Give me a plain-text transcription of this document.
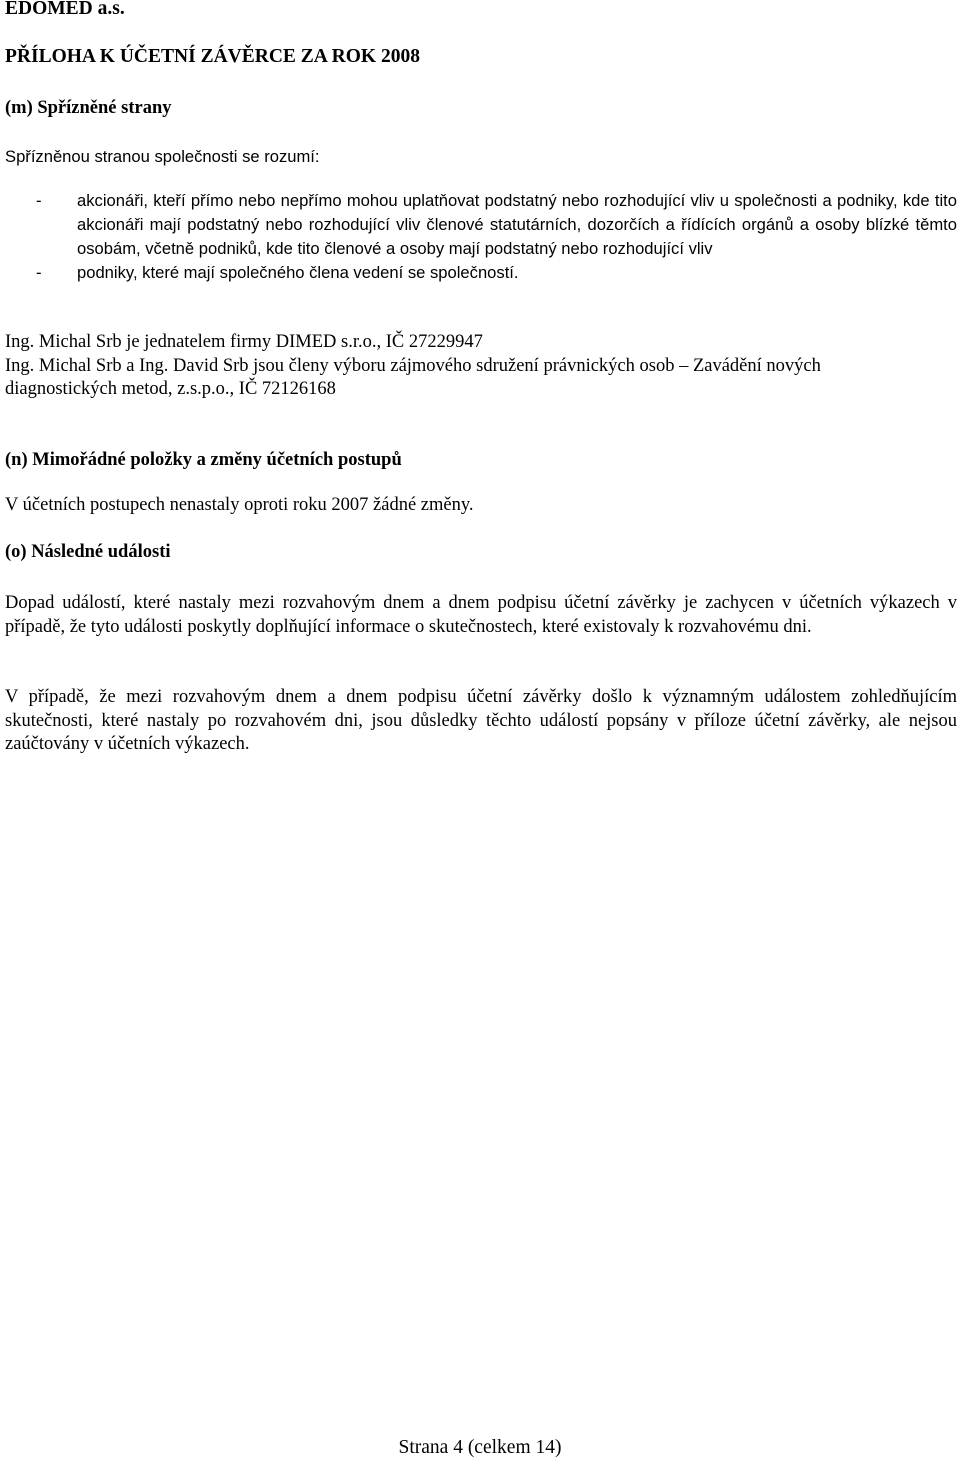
EDOMED a.s.
PŘÍLOHA K ÚČETNÍ ZÁVĚRCE ZA ROK 2008
(m) Spřízněné strany
Spřízněnou stranou společnosti se rozumí:
- akcionáři, kteří přímo nebo nepřímo mohou uplatňovat podstatný nebo rozhodující vliv u společnosti a podniky, kde tito akcionáři mají podstatný nebo rozhodující vliv členové statutárních, dozorčích a řídících orgánů a osoby blízké těmto osobám, včetně podniků, kde tito členové a osoby mají podstatný nebo rozhodující vliv
- podniky, které mají společného člena vedení se společností.
Ing. Michal Srb je jednatelem firmy DIMED s.r.o., IČ 27229947
Ing. Michal Srb a Ing. David Srb jsou členy výboru zájmového sdružení právnických osob – Zavádění nových diagnostických metod, z.s.p.o., IČ 72126168
(n) Mimořádné položky a změny účetních postupů
V účetních postupech nenastaly oproti roku 2007 žádné změny.
(o) Následné události
Dopad událostí, které nastaly mezi rozvahovým dnem a dnem podpisu účetní závěrky je zachycen v účetních výkazech v případě, že tyto události poskytly doplňující informace o skutečnostech, které existovaly k rozvahovému dni.
V případě, že mezi rozvahovým dnem a dnem podpisu účetní závěrky došlo k významným událostem zohledňujícím skutečnosti, které nastaly po rozvahovém dni, jsou důsledky těchto událostí popsány v příloze účetní závěrky, ale nejsou zaúčtovány v účetních výkazech.
Strana 4 (celkem 14)
